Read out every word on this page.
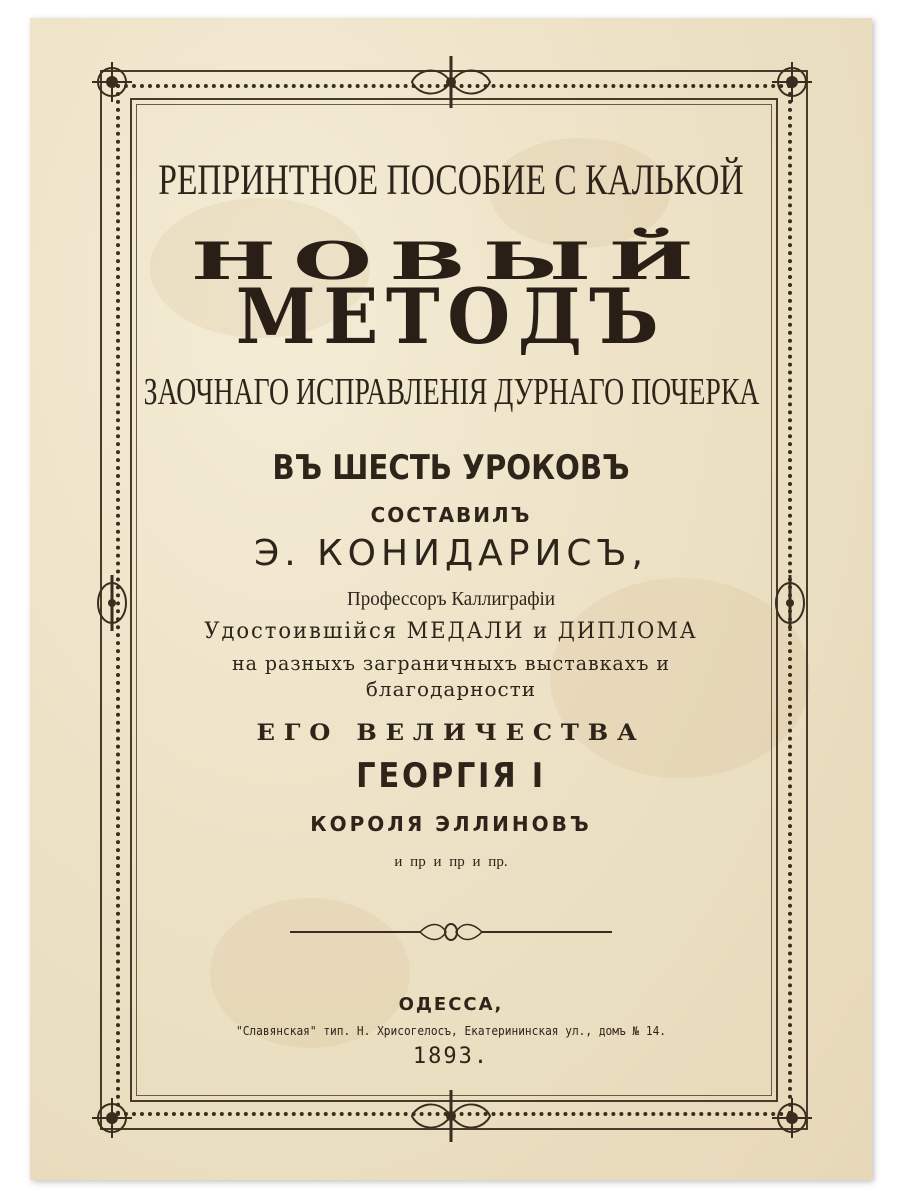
РЕПРИНТНОЕ ПОСОБИЕ С КАЛЬКОЙ
НОВЫЙ
МЕТОДЪ
ЗАОЧНАГО ИСПРАВЛЕНІЯ ДУРНАГО ПОЧЕРКА
ВЪ ШЕСТЬ УРОКОВЪ
СОСТАВИЛЪ
Э. КОНИДАРИСЪ,
Профессоръ Каллиграфіи
Удостоившійся МЕДАЛИ и ДИПЛОМА
на разныхъ заграничныхъ выставкахъ и
благодарности
ЕГО ВЕЛИЧЕСТВА
ГЕОРГІЯ I
КОРОЛЯ ЭЛЛИНОВЪ
и пр и пр и пр.
ОДЕССА,
"Славянская" тип. Н. Хрисогелосъ, Екатерининская ул., домъ № 14.
1893.
